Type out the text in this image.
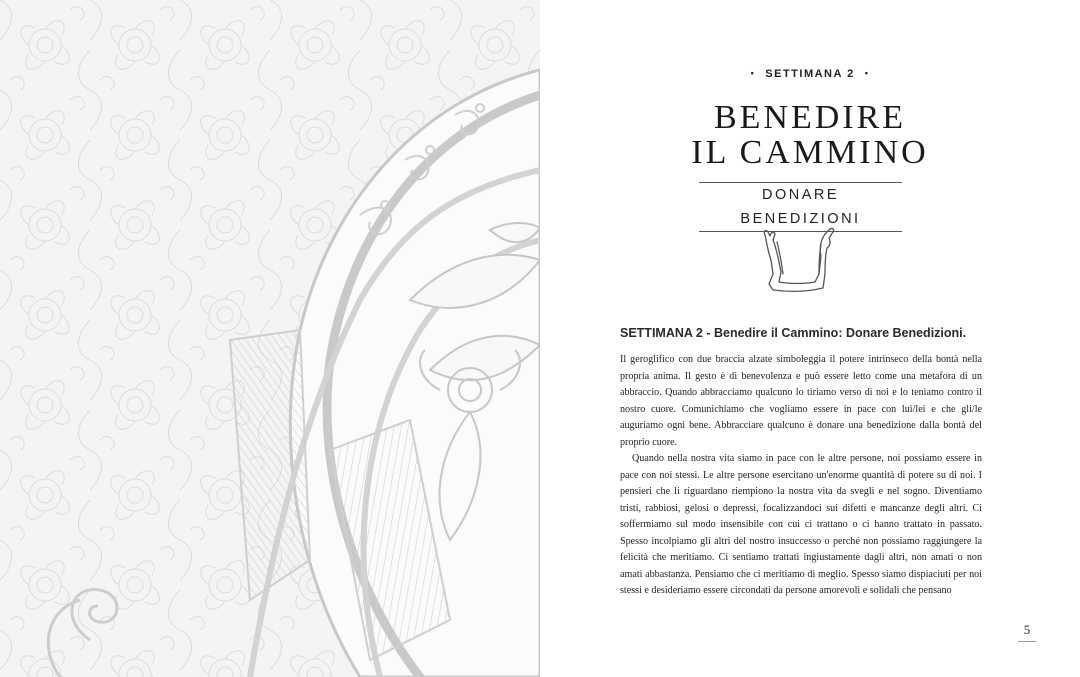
• SETTIMANA 2 •
BENEDIRE
IL CAMMINO
DONARE BENEDIZIONI
SETTIMANA 2 - Benedire il Cammino: Donare Benedizioni.

Il geroglifico con due braccia alzate simboleggia il potere intrinseco della bontà nella propria anima. Il gesto è di benevolenza e può essere letto come una metafora di un abbraccio. Quando abbracciamo qualcuno lo tiriamo verso di noi e lo teniamo contro il nostro cuore. Comunichiamo che vogliamo essere in pace con lui/lei e che gli/le auguriamo ogni bene. Abbracciare qualcuno è donare una benedizione dalla bontà del proprio cuore.

Quando nella nostra vita siamo in pace con le altre persone, noi possiamo essere in pace con noi stessi. Le altre persone esercitano un'enorme quantità di potere su di noi. I pensieri che li riguardano riempiono la nostra vita da svegli e nel sogno. Diventiamo tristi, rabbiosi, gelosi o depressi, focalizzandoci sui difetti e mancanze degli altri. Ci soffermiamo sul modo insensibile con cui ci trattano o ci hanno trattato in passato. Spesso incolpiamo gli altri del nostro insuccesso o perché non possiamo raggiungere la felicità che meritiamo. Ci sentiamo trattati ingiustamente dagli altri, non amati o non amati abbastanza. Pensiamo che ci meritiamo di meglio. Spesso siamo dispiaciuti per noi stessi e desideriamo essere circondati da persone amorevoli e solidali che pensano

5
